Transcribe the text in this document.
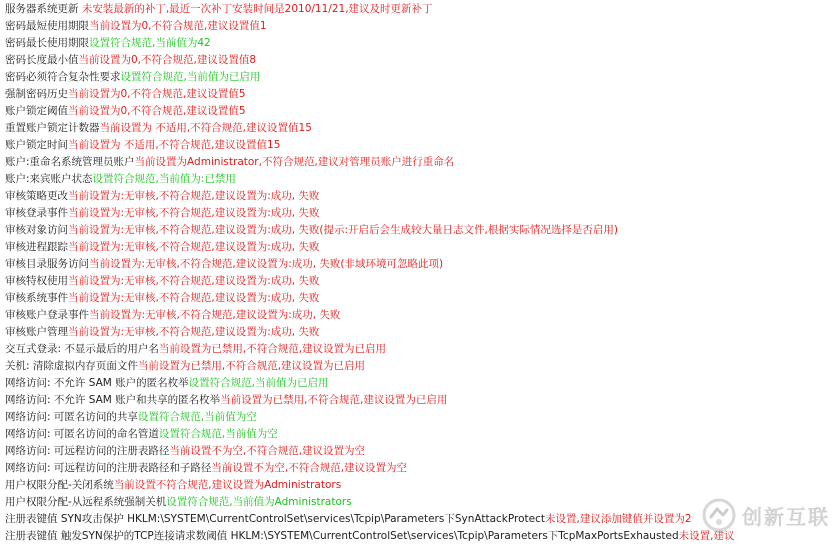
服务器系统更新 未安装最新的补丁,最近一次补丁安装时间是2010/11/21,建议及时更新补丁
密码最短使用期限当前设置为0,不符合规范,建议设置值1
密码最长使用期限设置符合规范,当前值为42
密码长度最小值当前设置为0,不符合规范,建议设置值8
密码必须符合复杂性要求设置符合规范,当前值为已启用
强制密码历史当前设置为0,不符合规范,建议设置值5
账户锁定阈值当前设置为0,不符合规范,建议设置值5
重置账户锁定计数器当前设置为 不适用,不符合规范,建议设置值15
账户锁定时间当前设置为 不适用,不符合规范,建议设置值15
账户:重命名系统管理员账户当前设置为Administrator,不符合规范,建议对管理员账户进行重命名
账户:来宾账户状态设置符合规范,当前值为:已禁用
审核策略更改当前设置为:无审核,不符合规范,建议设置为:成功, 失败
审核登录事件当前设置为:无审核,不符合规范,建议设置为:成功, 失败
审核对象访问当前设置为:无审核,不符合规范,建议设置为:成功, 失败(提示:开启后会生成较大量日志文件,根据实际情况选择是否启用)
审核进程跟踪当前设置为:无审核,不符合规范,建议设置为:成功, 失败
审核目录服务访问当前设置为:无审核,不符合规范,建议设置为:成功, 失败(非域环境可忽略此项)
审核特权使用当前设置为:无审核,不符合规范,建议设置为:成功, 失败
审核系统事件当前设置为:无审核,不符合规范,建议设置为:成功, 失败
审核账户登录事件当前设置为:无审核,不符合规范,建议设置为:成功, 失败
审核账户管理当前设置为:无审核,不符合规范,建议设置为:成功, 失败
交互式登录: 不显示最后的用户名当前设置为已禁用,不符合规范,建议设置为已启用
关机: 清除虚拟内存页面文件当前设置为已禁用,不符合规范,建议设置为已启用
网络访问: 不允许 SAM 账户的匿名枚举设置符合规范,当前值为已启用
网络访问: 不允许 SAM 账户和共享的匿名枚举当前设置为已禁用,不符合规范,建议设置为已启用
网络访问: 可匿名访问的共享设置符合规范,当前值为空
网络访问: 可匿名访问的命名管道设置符合规范,当前值为空
网络访问: 可远程访问的注册表路径当前设置不为空,不符合规范,建议设置为空
网络访问: 可远程访问的注册表路径和子路径当前设置不为空,不符合规范,建议设置为空
用户权限分配-关闭系统当前设置不符合规范,建议设置为Administrators
用户权限分配-从远程系统强制关机设置符合规范,当前值为Administrators
注册表键值 SYN攻击保护 HKLM:\SYSTEM\CurrentControlSet\services\Tcpip\Parameters下SynAttackProtect未设置,建议添加键值并设置为2
注册表键值 触发SYN保护的TCP连接请求数阈值 HKLM:\SYSTEM\CurrentControlSet\services\Tcpip\Parameters下TcpMaxPortsExhausted未设置,建议
创新互联
